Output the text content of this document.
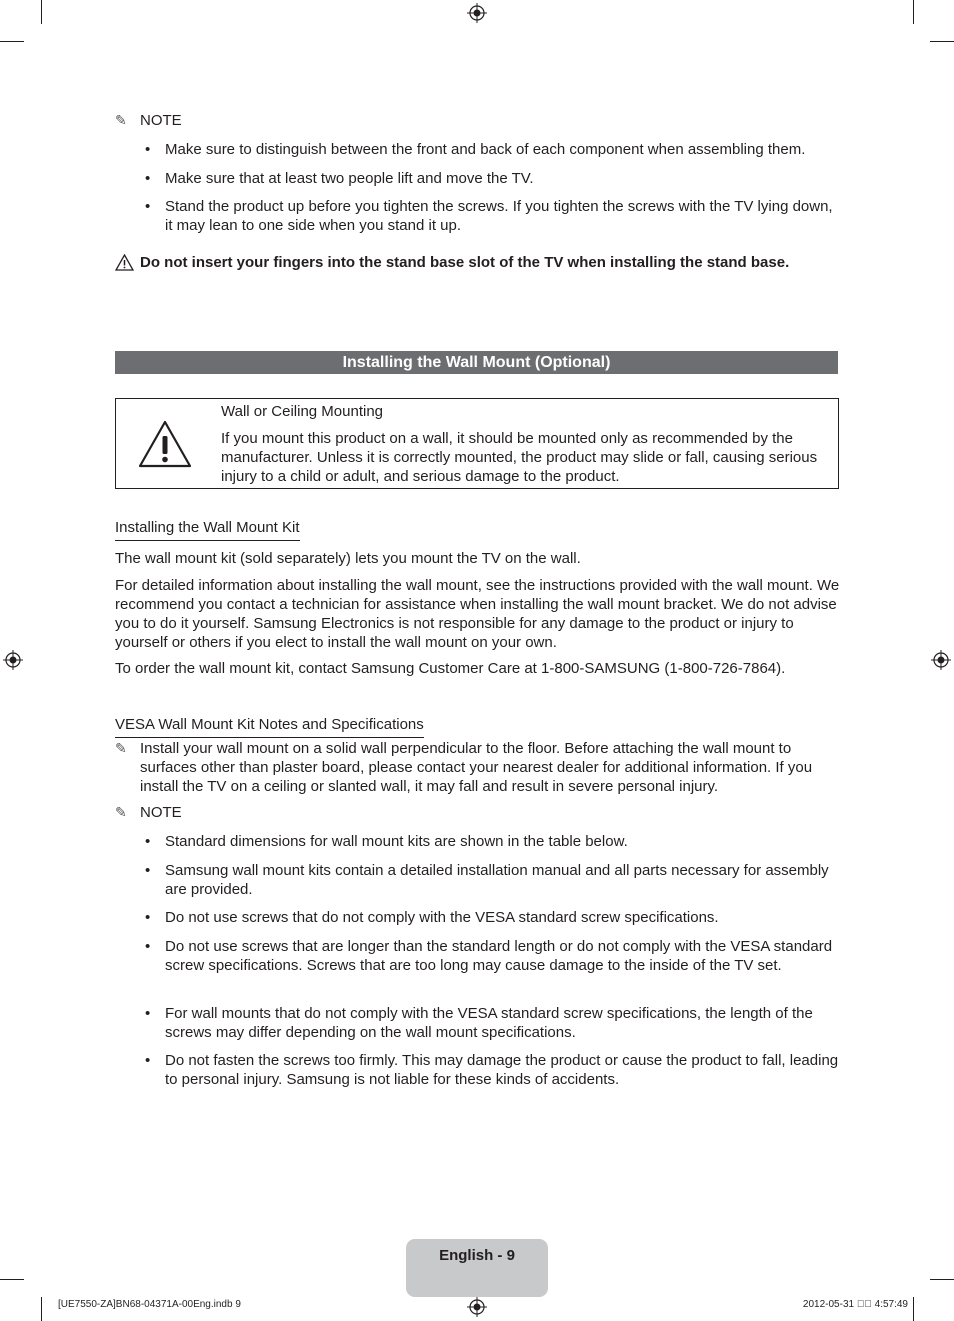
✎ NOTE
• Make sure to distinguish between the front and back of each component when assembling them.
• Make sure that at least two people lift and move the TV.
• Stand the product up before you tighten the screws. If you tighten the screws with the TV lying down, it may lean to one side when you stand it up.
Do not insert your fingers into the stand base slot of the TV when installing the stand base.
Installing the Wall Mount (Optional)
Wall or Ceiling Mounting
If you mount this product on a wall, it should be mounted only as recommended by the manufacturer. Unless it is correctly mounted, the product may slide or fall, causing serious injury to a child or adult, and serious damage to the product.
Installing the Wall Mount Kit
The wall mount kit (sold separately) lets you mount the TV on the wall.
For detailed information about installing the wall mount, see the instructions provided with the wall mount. We recommend you contact a technician for assistance when installing the wall mount bracket. We do not advise you to do it yourself. Samsung Electronics is not responsible for any damage to the product or injury to yourself or others if you elect to install the wall mount on your own.
To order the wall mount kit, contact Samsung Customer Care at 1-800-SAMSUNG (1-800-726-7864).
VESA Wall Mount Kit Notes and Specifications
✎ Install your wall mount on a solid wall perpendicular to the floor. Before attaching the wall mount to surfaces other than plaster board, please contact your nearest dealer for additional information. If you install the TV on a ceiling or slanted wall, it may fall and result in severe personal injury.
✎ NOTE
• Standard dimensions for wall mount kits are shown in the table below.
• Samsung wall mount kits contain a detailed installation manual and all parts necessary for assembly are provided.
• Do not use screws that do not comply with the VESA standard screw specifications.
• Do not use screws that are longer than the standard length or do not comply with the VESA standard screw specifications. Screws that are too long may cause damage to the inside of the TV set.
• For wall mounts that do not comply with the VESA standard screw specifications, the length of the screws may differ depending on the wall mount specifications.
• Do not fasten the screws too firmly. This may damage the product or cause the product to fall, leading to personal injury. Samsung is not liable for these kinds of accidents.
English - 9
[UE7550-ZA]BN68-04371A-00Eng.indb 9	2012-05-31 ￿￿ 4:57:49
